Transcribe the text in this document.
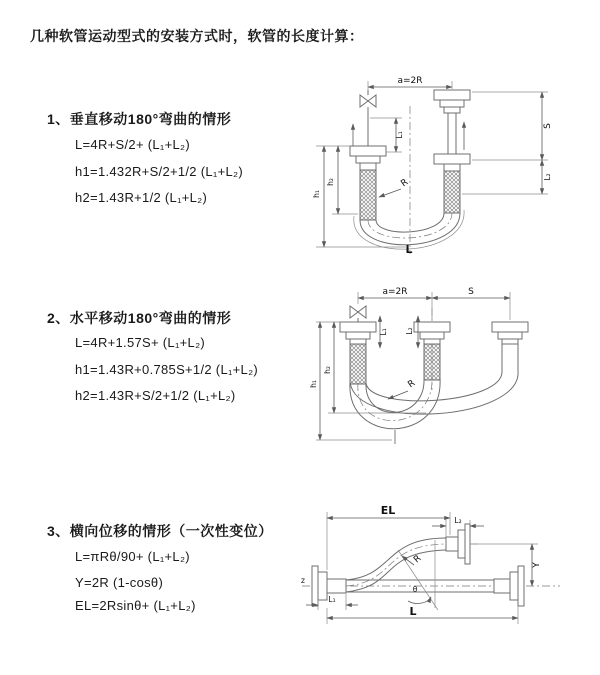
几种软管运动型式的安装方式时，软管的长度计算：
1、垂直移动180°弯曲的情形
L=4R+S/2+ (L₁+L₂)
h1=1.432R+S/2+1/2 (L₁+L₂)
h2=1.43R+1/2 (L₁+L₂)
2、水平移动180°弯曲的情形
L=4R+1.57S+ (L₁+L₂)
h1=1.43R+0.785S+1/2 (L₁+L₂)
h2=1.43R+S/2+1/2 (L₁+L₂)
3、横向位移的情形（一次性变位）
L=πRθ/90+ (L₁+L₂)
Y=2R (1-cosθ)
EL=2Rsinθ+ (L₁+L₂)
a=2R
L₁
S
L₂
h₁
h₂	R
L
a=2R	S
L₁ L₂
h₁
h₂
R
z
θ
R
EL
L₂
Y
L₁
L
